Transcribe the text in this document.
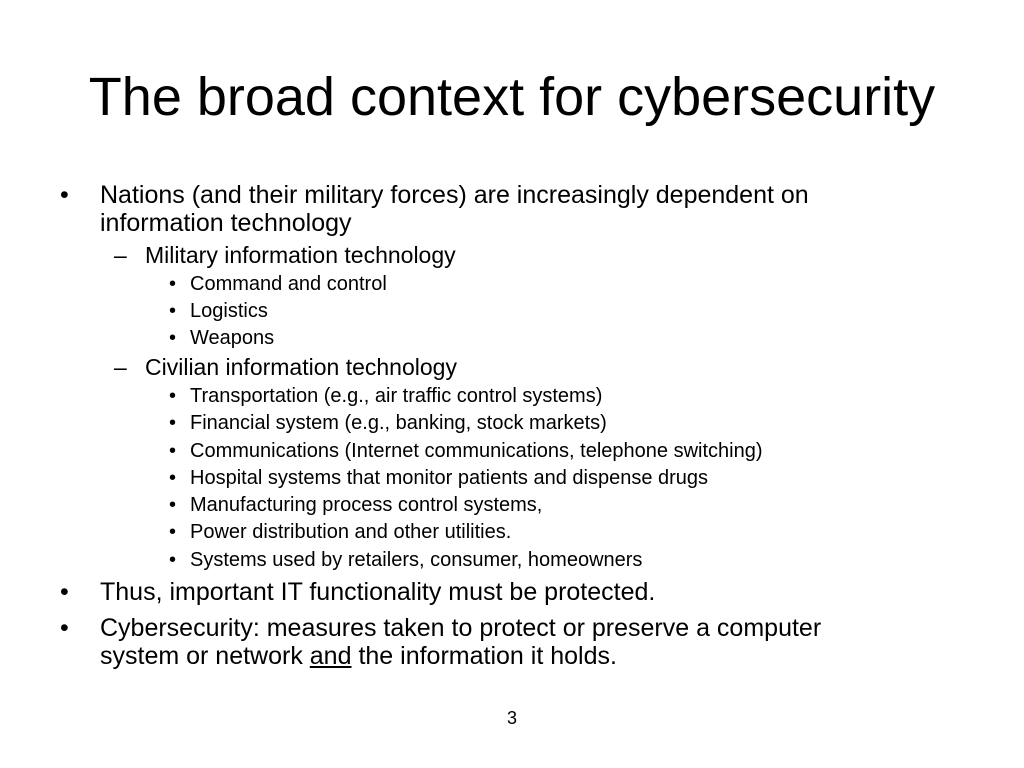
The broad context for cybersecurity
• Nations (and their military forces) are increasingly dependent on
information technology
– Military information technology
• Command and control
• Logistics
• Weapons
– Civilian information technology
• Transportation (e.g., air traffic control systems)
• Financial system (e.g., banking, stock markets)
• Communications (Internet communications, telephone switching)
• Hospital systems that monitor patients and dispense drugs
• Manufacturing process control systems,
• Power distribution and other utilities.
• Systems used by retailers, consumer, homeowners
• Thus, important IT functionality must be protected.
• Cybersecurity: measures taken to protect or preserve a computer
system or network and the information it holds.
3
